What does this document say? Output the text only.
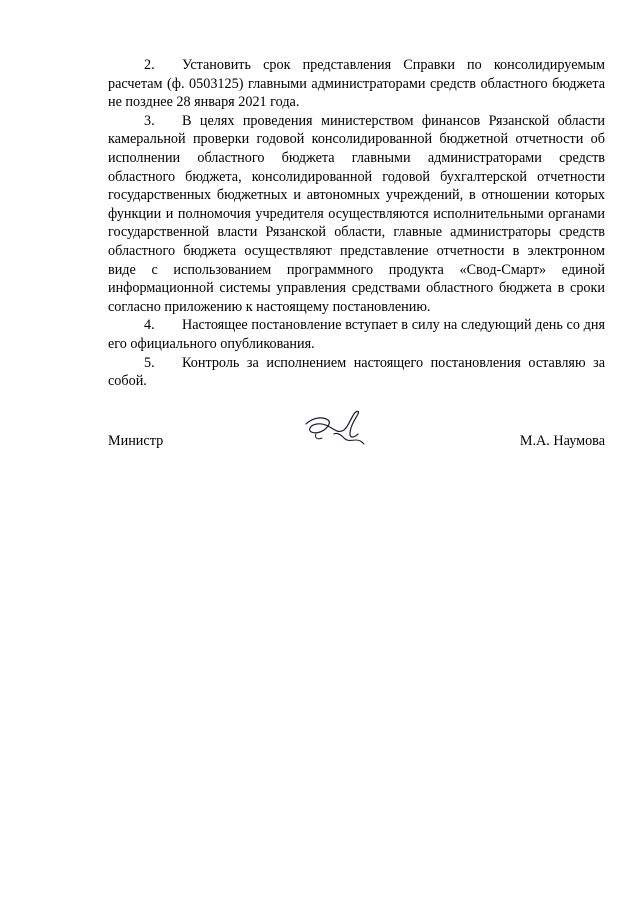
2. Установить срок представления Справки по консолидируемым расчетам (ф. 0503125) главными администраторами средств областного бюджета не позднее 28 января 2021 года.

3. В целях проведения министерством финансов Рязанской области камеральной проверки годовой консолидированной бюджетной отчетности об исполнении областного бюджета главными администраторами средств областного бюджета, консолидированной годовой бухгалтерской отчетности государственных бюджетных и автономных учреждений, в отношении которых функции и полномочия учредителя осуществляются исполнительными органами государственной власти Рязанской области, главные администраторы средств областного бюджета осуществляют представление отчетности в электронном виде с использованием программного продукта «Свод-Смарт» единой информационной системы управления средствами областного бюджета в сроки согласно приложению к настоящему постановлению.

4. Настоящее постановление вступает в силу на следующий день со дня его официального опубликования.

5. Контроль за исполнением настоящего постановления оставляю за собой.

Министр	М.А. Наумова
